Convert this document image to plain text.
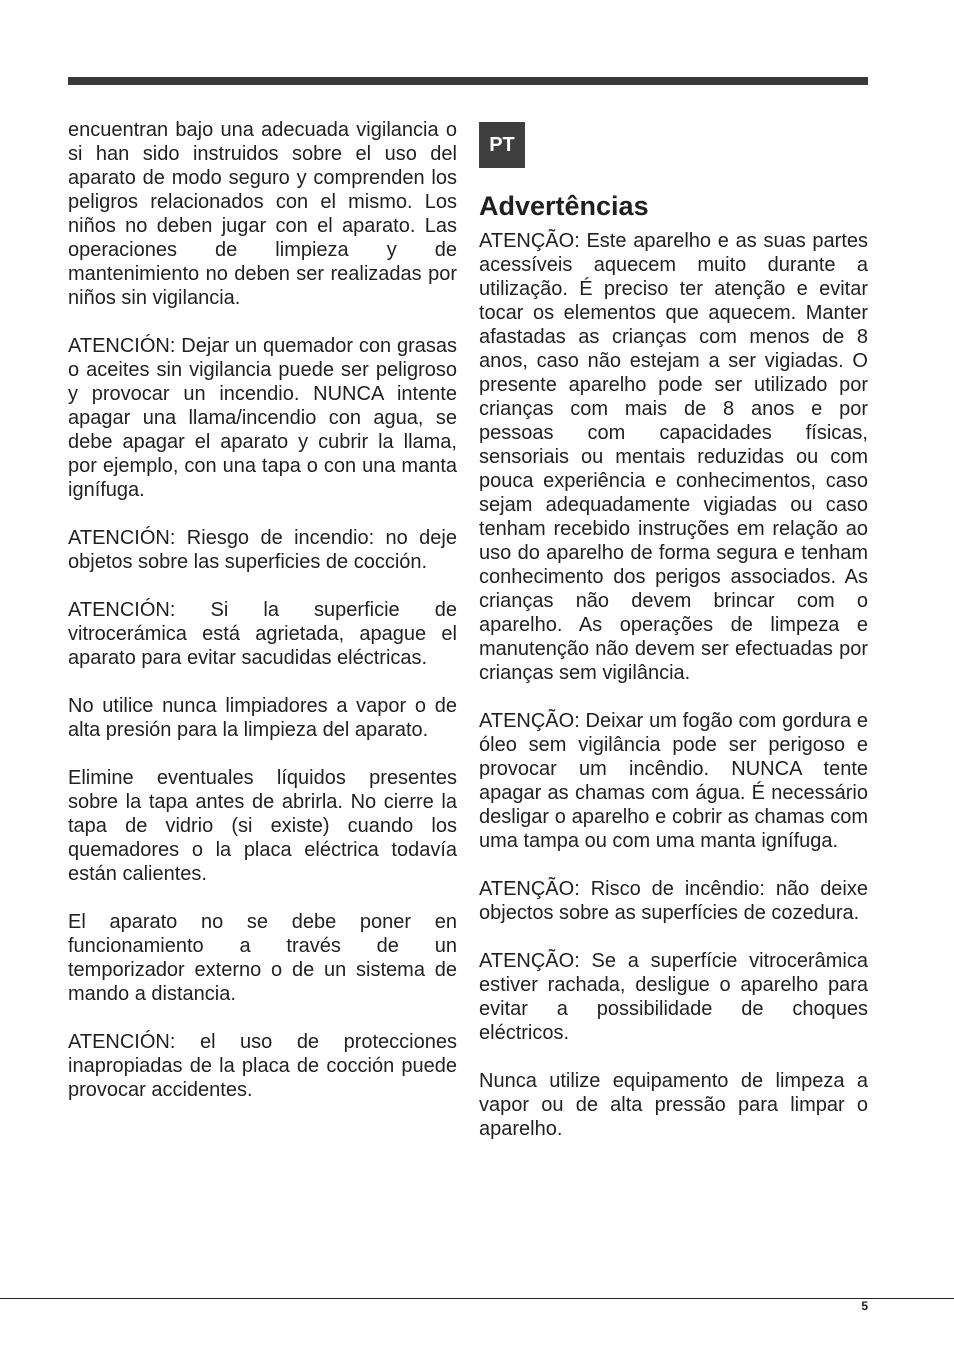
encuentran bajo una adecuada vigilancia o si han sido instruidos sobre el uso del aparato de modo seguro y comprenden los peligros relacionados con el mismo. Los niños no deben jugar con el aparato. Las operaciones de limpieza y de mantenimiento no deben ser realizadas por niños sin vigilancia.

ATENCIÓN: Dejar un quemador con grasas o aceites sin vigilancia puede ser peligroso y provocar un incendio. NUNCA intente apagar una llama/incendio con agua, se debe apagar el aparato y cubrir la llama, por ejemplo, con una tapa o con una manta ignífuga.

ATENCIÓN: Riesgo de incendio: no deje objetos sobre las superficies de cocción.

ATENCIÓN: Si la superficie de vitrocerámica está agrietada, apague el aparato para evitar sacudidas eléctricas.

No utilice nunca limpiadores a vapor o de alta presión para la limpieza del aparato.

Elimine eventuales líquidos presentes sobre la tapa antes de abrirla. No cierre la tapa de vidrio (si existe) cuando los quemadores o la placa eléctrica todavía están calientes.

El aparato no se debe poner en funcionamiento a través de un temporizador externo o de un sistema de mando a distancia.

ATENCIÓN: el uso de protecciones inapropiadas de la placa de cocción puede provocar accidentes.

PT
Advertências

ATENÇÃO: Este aparelho e as suas partes acessíveis aquecem muito durante a utilização. É preciso ter atenção e evitar tocar os elementos que aquecem. Manter afastadas as crianças com menos de 8 anos, caso não estejam a ser vigiadas. O presente aparelho pode ser utilizado por crianças com mais de 8 anos e por pessoas com capacidades físicas, sensoriais ou mentais reduzidas ou com pouca experiência e conhecimentos, caso sejam adequadamente vigiadas ou caso tenham recebido instruções em relação ao uso do aparelho de forma segura e tenham conhecimento dos perigos associados. As crianças não devem brincar com o aparelho. As operações de limpeza e manutenção não devem ser efectuadas por crianças sem vigilância.

ATENÇÃO: Deixar um fogão com gordura e óleo sem vigilância pode ser perigoso e provocar um incêndio. NUNCA tente apagar as chamas com água. É necessário desligar o aparelho e cobrir as chamas com uma tampa ou com uma manta ignífuga.

ATENÇÃO: Risco de incêndio: não deixe objectos sobre as superfícies de cozedura.

ATENÇÃO: Se a superfície vitrocerâmica estiver rachada, desligue o aparelho para evitar a possibilidade de choques eléctricos.

Nunca utilize equipamento de limpeza a vapor ou de alta pressão para limpar o aparelho.

5
